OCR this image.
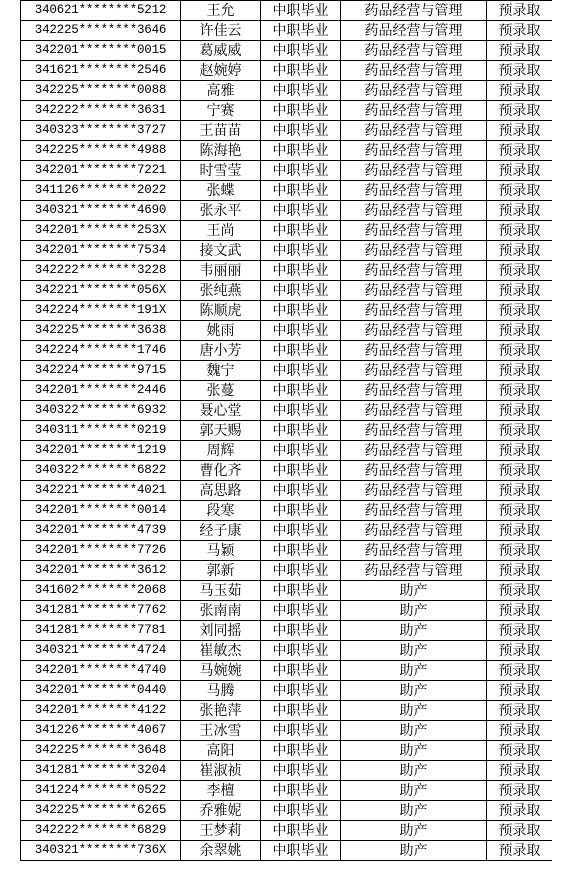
340621********5212	王允	中职毕业	药品经营与管理	预录取
342225********3646	许佳云	中职毕业	药品经营与管理	预录取
342201********0015	葛威威	中职毕业	药品经营与管理	预录取
341621********2546	赵婉婷	中职毕业	药品经营与管理	预录取
342225********0088	高雅	中职毕业	药品经营与管理	预录取
342222********3631	宁赛	中职毕业	药品经营与管理	预录取
340323********3727	王苗苗	中职毕业	药品经营与管理	预录取
342225********4988	陈海艳	中职毕业	药品经营与管理	预录取
342201********7221	时雪莹	中职毕业	药品经营与管理	预录取
341126********2022	张蝶	中职毕业	药品经营与管理	预录取
340321********4690	张永平	中职毕业	药品经营与管理	预录取
342201********253X	王尚	中职毕业	药品经营与管理	预录取
342201********7534	接文武	中职毕业	药品经营与管理	预录取
342222********3228	韦丽丽	中职毕业	药品经营与管理	预录取
342221********056X	张纯燕	中职毕业	药品经营与管理	预录取
342224********191X	陈顺虎	中职毕业	药品经营与管理	预录取
342225********3638	姚雨	中职毕业	药品经营与管理	预录取
342224********1746	唐小芳	中职毕业	药品经营与管理	预录取
342224********9715	魏宁	中职毕业	药品经营与管理	预录取
342201********2446	张蔓	中职毕业	药品经营与管理	预录取
340322********6932	聂心堂	中职毕业	药品经营与管理	预录取
340311********0219	郭天赐	中职毕业	药品经营与管理	预录取
342201********1219	周辉	中职毕业	药品经营与管理	预录取
340322********6822	曹化齐	中职毕业	药品经营与管理	预录取
342221********4021	高思路	中职毕业	药品经营与管理	预录取
342201********0014	段寒	中职毕业	药品经营与管理	预录取
342201********4739	经子康	中职毕业	药品经营与管理	预录取
342201********7726	马颖	中职毕业	药品经营与管理	预录取
342201********3612	郭新	中职毕业	药品经营与管理	预录取
341602********2068	马玉茹	中职毕业	助产	预录取
341281********7762	张南南	中职毕业	助产	预录取
341281********7781	刘同摇	中职毕业	助产	预录取
340321********4724	崔敏杰	中职毕业	助产	预录取
342201********4740	马婉婉	中职毕业	助产	预录取
342201********0440	马腾	中职毕业	助产	预录取
342201********4122	张艳萍	中职毕业	助产	预录取
341226********4067	王冰雪	中职毕业	助产	预录取
342225********3648	高阳	中职毕业	助产	预录取
341281********3204	崔淑祯	中职毕业	助产	预录取
341224********0522	李檀	中职毕业	助产	预录取
342225********6265	乔雅妮	中职毕业	助产	预录取
342222********6829	王梦莉	中职毕业	助产	预录取
340321********736X	余翠姚	中职毕业	助产	预录取
